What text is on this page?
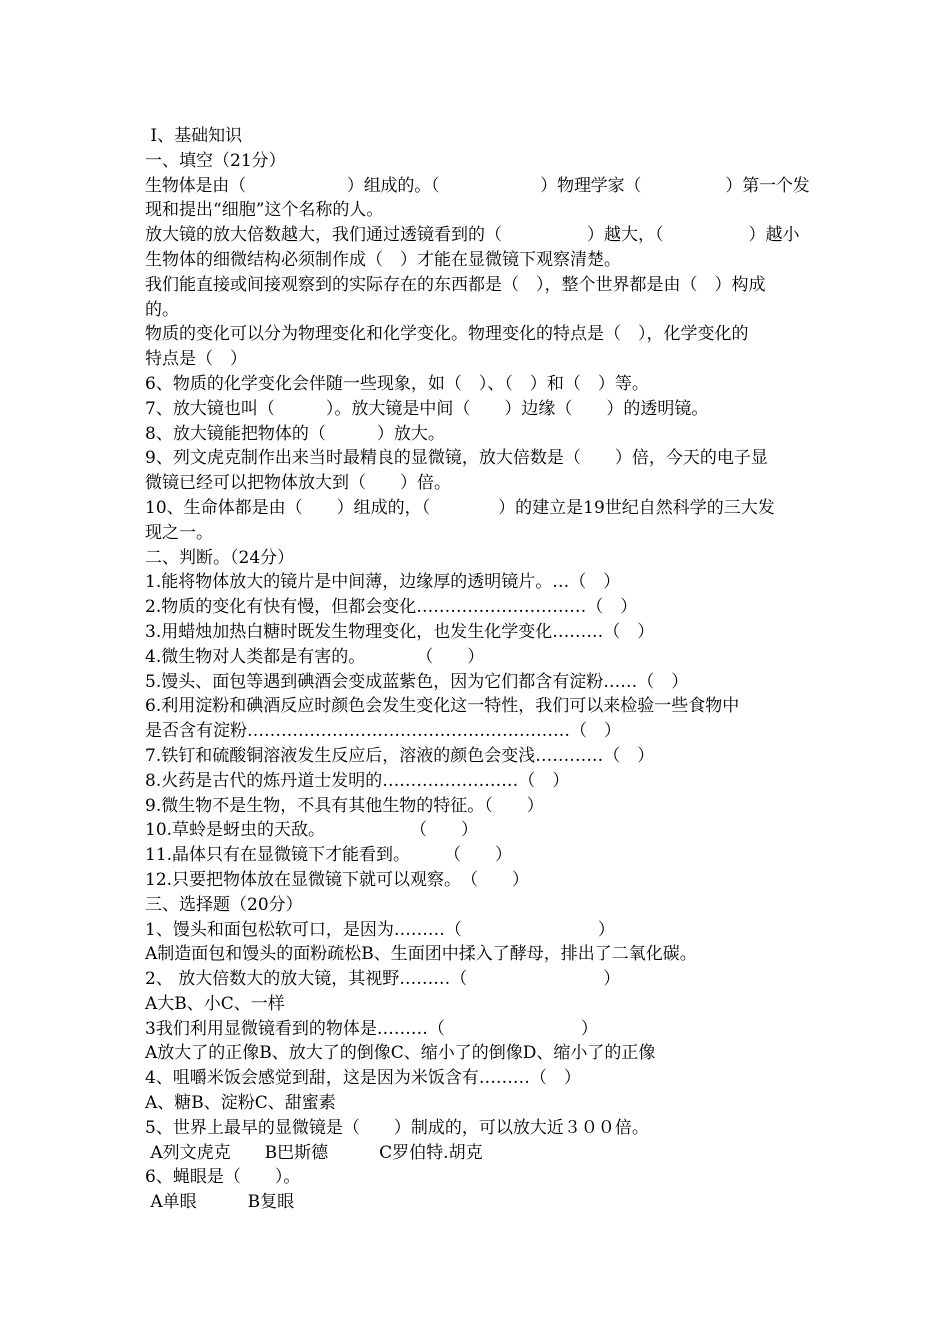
Ⅰ、基础知识
一、填空（21分）
生物体是由（　　　　　　）组成的。（　　　　　　）物理学家（　　　　　）第一个发
现和提出“细胞”这个名称的人。
放大镜的放大倍数越大，我们通过透镜看到的（　　　　　）越大，（　　　　　）越小
生物体的细微结构必须制作成（　）才能在显微镜下观察清楚。
我们能直接或间接观察到的实际存在的东西都是（　），整个世界都是由（　）构成
的。
物质的变化可以分为物理变化和化学变化。物理变化的特点是（　），化学变化的
特点是（　）
6、物质的化学变化会伴随一些现象，如（　）、（　）和（　）等。
7、放大镜也叫（　　　）。放大镜是中间（　　）边缘（　　）的透明镜。
8、放大镜能把物体的（　　　）放大。
9、列文虎克制作出来当时最精良的显微镜，放大倍数是（　　）倍，今天的电子显
微镜已经可以把物体放大到（　　）倍。
10、生命体都是由（　　）组成的，（　　　　）的建立是19世纪自然科学的三大发
现之一。
二、判断。（24分）
1.能将物体放大的镜片是中间薄，边缘厚的透明镜片。…（　）
2.物质的变化有快有慢，但都会变化…………………………（　）
3.用蜡烛加热白糖时既发生物理变化，也发生化学变化………（　）
4.微生物对人类都是有害的。　　　　（　　）
5.馒头、面包等遇到碘酒会变成蓝紫色，因为它们都含有淀粉……（　）
6.利用淀粉和碘酒反应时颜色会发生变化这一特性，我们可以来检验一些食物中
是否含有淀粉…………………………………………………（　）
7.铁钉和硫酸铜溶液发生反应后，溶液的颜色会变浅…………（　）
8.火药是古代的炼丹道士发明的……………………（　）
9.微生物不是生物，不具有其他生物的特征。（　　）
10.草蛉是蚜虫的天敌。　　　　　　（　　）
11.晶体只有在显微镜下才能看到。　　　（　　）
12.只要把物体放在显微镜下就可以观察。　（　　）
三、选择题（20分）
1、馒头和面包松软可口，是因为………（　　　　　　　　）
A制造面包和馒头的面粉疏松B、生面团中揉入了酵母，排出了二氧化碳。
2、 放大倍数大的放大镜，其视野………（　　　　　　　　）
A大B、小C、一样
3我们利用显微镜看到的物体是………（　　　　　　　　）
A放大了的正像B、放大了的倒像C、缩小了的倒像D、缩小了的正像
4、咀嚼米饭会感觉到甜，这是因为米饭含有………（　）
A、糖B、淀粉C、甜蜜素
5、世界上最早的显微镜是（　　）制成的，可以放大近３００倍。
A列文虎克　　B巴斯德　　　C罗伯特.胡克
6、蝇眼是（　　）。
A单眼　　　B复眼
